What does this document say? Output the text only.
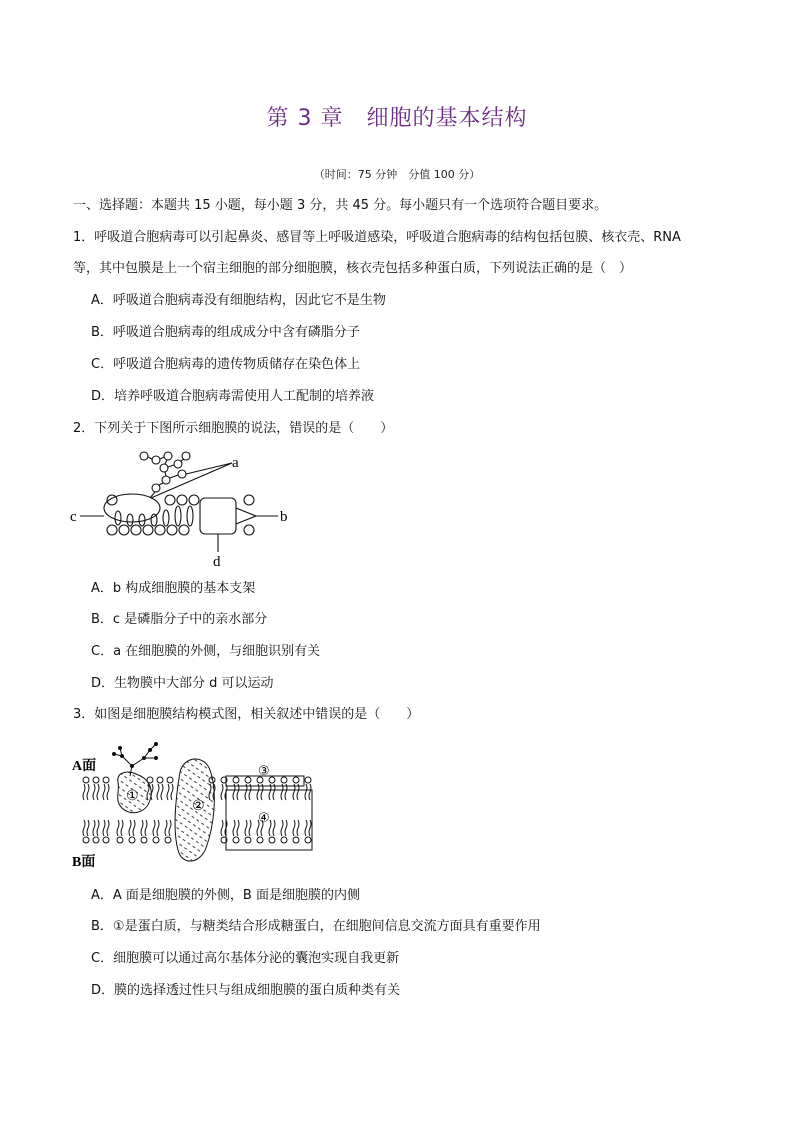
第 3 章　细胞的基本结构
（时间：75 分钟　分值 100 分）
一、选择题：本题共 15 小题，每小题 3 分，共 45 分。每小题只有一个选项符合题目要求。
1．呼吸道合胞病毒可以引起鼻炎、感冒等上呼吸道感染，呼吸道合胞病毒的结构包括包膜、核衣壳、RNA
等，其中包膜是上一个宿主细胞的部分细胞膜，核衣壳包括多种蛋白质，下列说法正确的是（　）
A．呼吸道合胞病毒没有细胞结构，因此它不是生物
B．呼吸道合胞病毒的组成成分中含有磷脂分子
C．呼吸道合胞病毒的遗传物质储存在染色体上
D．培养呼吸道合胞病毒需使用人工配制的培养液
2．下列关于下图所示细胞膜的说法，错误的是（　　）
a
b
c
d
A．b 构成细胞膜的基本支架
B．c 是磷脂分子中的亲水部分
C．a 在细胞膜的外侧，与细胞识别有关
D．生物膜中大部分 d 可以运动
3．如图是细胞膜结构模式图，相关叙述中错误的是（　　）
A面
B面
①
②
③
④
A．A 面是细胞膜的外侧，B 面是细胞膜的内侧
B．①是蛋白质，与糖类结合形成糖蛋白，在细胞间信息交流方面具有重要作用
C．细胞膜可以通过高尔基体分泌的囊泡实现自我更新
D．膜的选择透过性只与组成细胞膜的蛋白质种类有关
